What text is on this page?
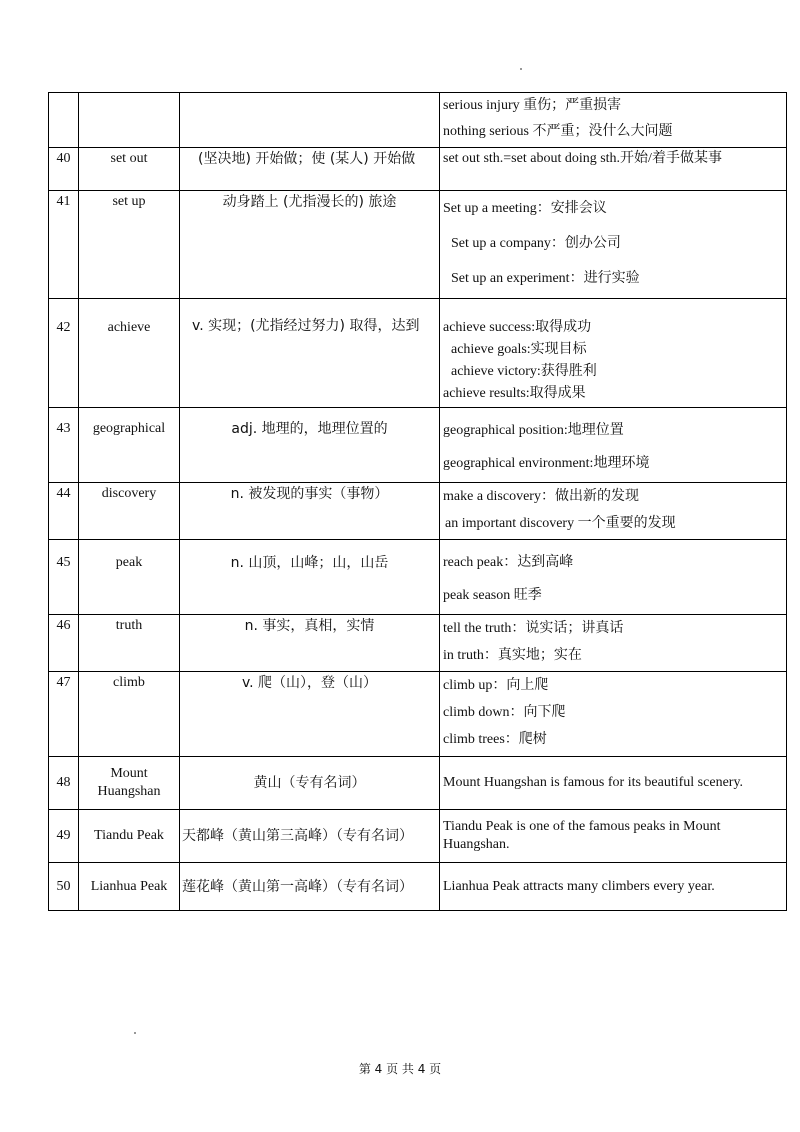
			serious injury 重伤；严重损害
nothing serious 不严重；没什么大问题

40	set out	(坚决地) 开始做；使 (某人) 开始做	set out sth.=set about doing sth.开始/着手做某事

41	set up	动身踏上 (尤指漫长的) 旅途	Set up a meeting：安排会议
Set up a company：创办公司
Set up an experiment：进行实验

42	achieve	v. 实现；(尤指经过努力) 取得，达到	achieve success:取得成功
achieve goals:实现目标
achieve victory:获得胜利
achieve results:取得成果

43	geographical	adj. 地理的，地理位置的	geographical position:地理位置
geographical environment:地理环境

44	discovery	n. 被发现的事实（事物）	make a discovery：做出新的发现
an important discovery 一个重要的发现

45	peak	n. 山顶，山峰；山，山岳	reach peak：达到高峰
peak season 旺季

46	truth	n. 事实，真相，实情	tell the truth：说实话；讲真话
in truth：真实地；实在

47	climb	v. 爬（山），登（山）	climb up：向上爬
climb down：向下爬
climb trees：爬树

48	Mount Huangshan	黄山（专有名词）	Mount Huangshan is famous for its beautiful scenery.

49	Tiandu Peak	天都峰（黄山第三高峰）（专有名词）	Tiandu Peak is one of the famous peaks in Mount Huangshan.

50	Lianhua Peak	莲花峰（黄山第一高峰）（专有名词）	Lianhua Peak attracts many climbers every year.
第 4 页 共 4 页
